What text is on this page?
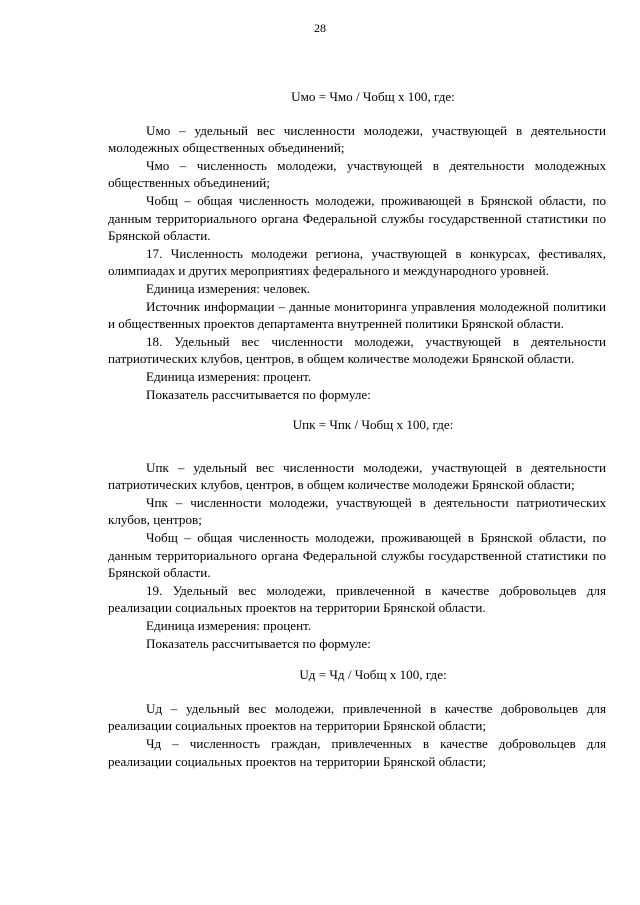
28

Uмо = Чмо / Чобщ х 100, где:

Uмо – удельный вес численности молодежи, участвующей в деятельности молодежных общественных объединений;

Чмо – численность молодежи, участвующей в деятельности молодежных общественных объединений;

Чобщ – общая численность молодежи, проживающей в Брянской области, по данным территориального органа Федеральной службы государственной статистики по Брянской области.

17. Численность молодежи региона, участвующей в конкурсах, фестивалях, олимпиадах и других мероприятиях федерального и международного уровней.

Единица измерения: человек.

Источник информации – данные мониторинга управления молодежной политики и общественных проектов департамента внутренней политики Брянской области.

18. Удельный вес численности молодежи, участвующей в деятельности патриотических клубов, центров, в общем количестве молодежи Брянской области.

Единица измерения: процент.

Показатель рассчитывается по формуле:

Uпк = Чпк / Чобщ х 100, где:

Uпк – удельный вес численности молодежи, участвующей в деятельности патриотических клубов, центров, в общем количестве молодежи Брянской области;

Чпк – численности молодежи, участвующей в деятельности патриотических клубов, центров;

Чобщ – общая численность молодежи, проживающей в Брянской области, по данным территориального органа Федеральной службы государственной статистики по Брянской области.

19. Удельный вес молодежи, привлеченной в качестве добровольцев для реализации социальных проектов на территории Брянской области.

Единица измерения: процент.

Показатель рассчитывается по формуле:

Uд = Чд / Чобщ х 100, где:

Uд – удельный вес молодежи, привлеченной в качестве добровольцев для реализации социальных проектов на территории Брянской области;

Чд – численность граждан, привлеченных в качестве добровольцев для реализации социальных проектов на территории Брянской области;
